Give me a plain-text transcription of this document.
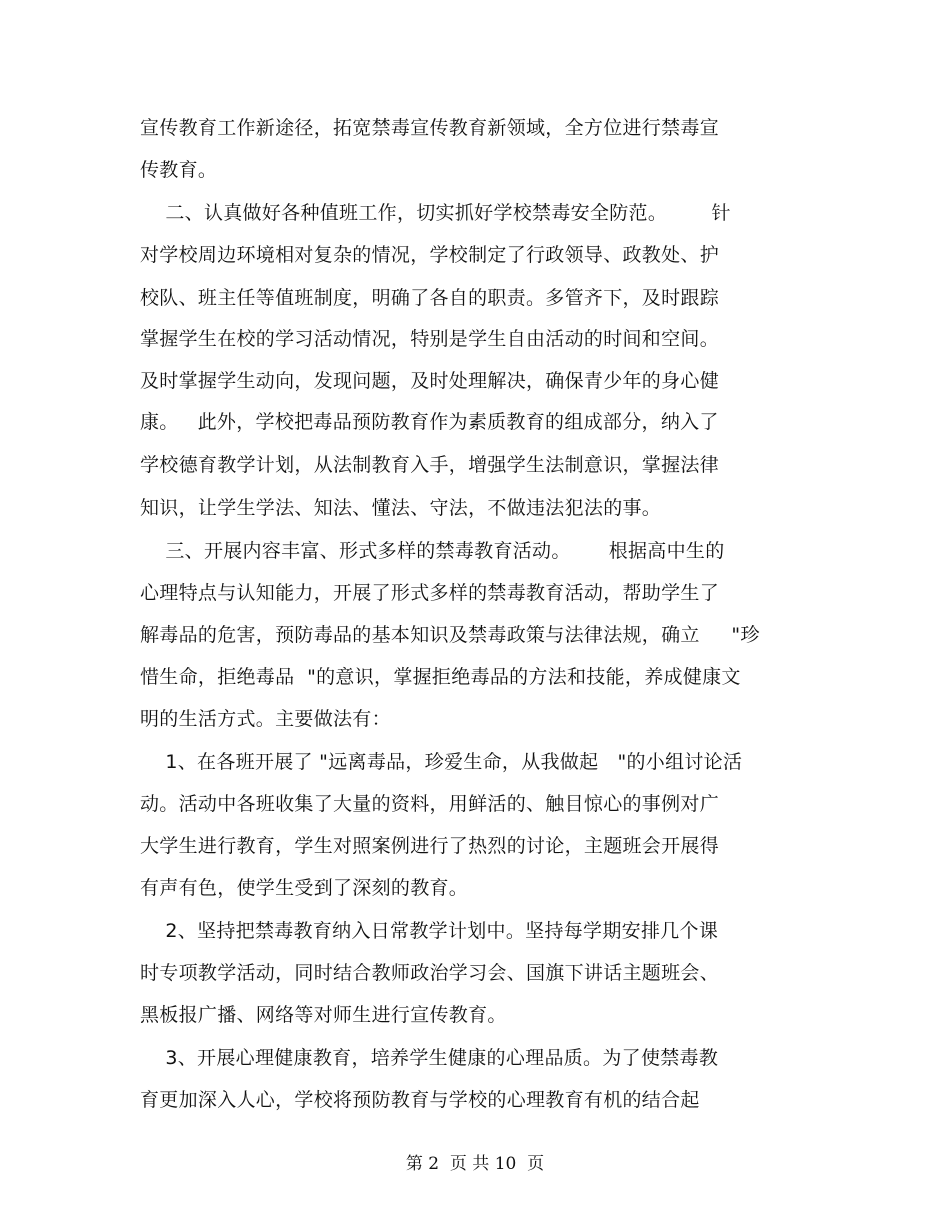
宣传教育工作新途径，拓宽禁毒宣传教育新领域，全方位进行禁毒宣
传教育。
二、认真做好各种值班工作，切实抓好学校禁毒安全防范。       针
对学校周边环境相对复杂的情况，学校制定了行政领导、政教处、护
校队、班主任等值班制度，明确了各自的职责。多管齐下，及时跟踪
掌握学生在校的学习活动情况，特别是学生自由活动的时间和空间。
及时掌握学生动向，发现问题，及时处理解决，确保青少年的身心健
康。   此外，学校把毒品预防教育作为素质教育的组成部分，纳入了
学校德育教学计划，从法制教育入手，增强学生法制意识，掌握法律
知识，让学生学法、知法、懂法、守法，不做违法犯法的事。
三、开展内容丰富、形式多样的禁毒教育活动。      根据高中生的
心理特点与认知能力，开展了形式多样的禁毒教育活动，帮助学生了
解毒品的危害，预防毒品的基本知识及禁毒政策与法律法规，确立     "珍
惜生命，拒绝毒品  "的意识，掌握拒绝毒品的方法和技能，养成健康文
明的生活方式。主要做法有：
1、在各班开展了 "远离毒品，珍爱生命，从我做起   "的小组讨论活
动。活动中各班收集了大量的资料，用鲜活的、触目惊心的事例对广
大学生进行教育，学生对照案例进行了热烈的讨论，主题班会开展得
有声有色，使学生受到了深刻的教育。
2、坚持把禁毒教育纳入日常教学计划中。坚持每学期安排几个课
时专项教学活动，同时结合教师政治学习会、国旗下讲话主题班会、
黑板报广播、网络等对师生进行宣传教育。
3、开展心理健康教育，培养学生健康的心理品质。为了使禁毒教
育更加深入人心，学校将预防教育与学校的心理教育有机的结合起
第 2  页 共 10  页
